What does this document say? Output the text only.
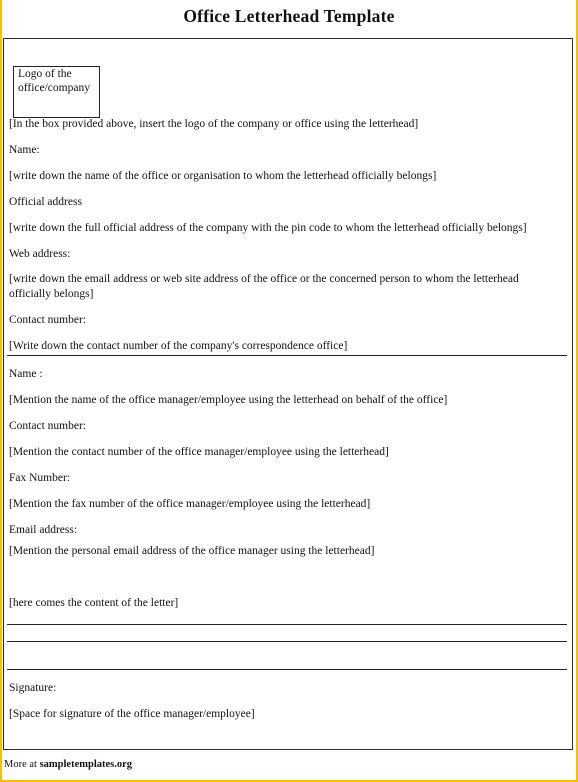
Office Letterhead Template
Logo of the
office/company
[In the box provided above, insert the logo of the company or office using the letterhead]
Name:
[write down the name of the office or organisation to whom the letterhead officially belongs]
Official address
[write down the full official address of the company with the pin code to whom the letterhead officially belongs]
Web address:
[write down the email address or web site address of the office or the concerned person to whom the letterhead officially belongs]
Contact number:
[Write down the contact number of the company's correspondence office]
Name :
[Mention the name of the office manager/employee using the letterhead on behalf of the office]
Contact number:
[Mention the contact number of the office manager/employee using the letterhead]
Fax Number:
[Mention the fax number of the office manager/employee using the letterhead]
Email address:
[Mention the personal email address of the office manager using the letterhead]
[here comes the content of the letter]
Signature:
[Space for signature of the office manager/employee]
More at sampletemplates.org
